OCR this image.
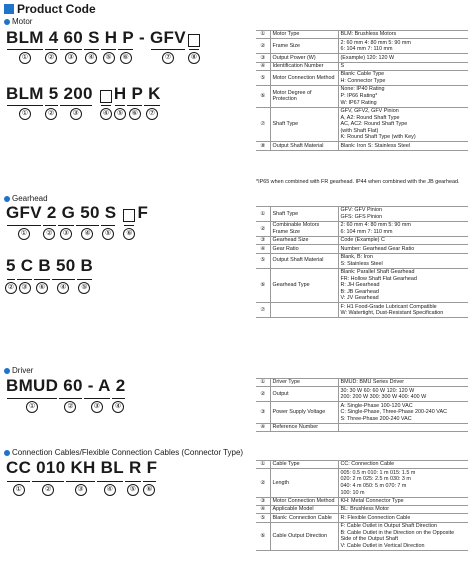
Product Code
Motor
BLM 4 60 S H P - GFV
BLM 5 200
H P K
①	Motor Type	BLM: Brushless Motors
②	Frame Size	2: 60 mm 4: 80 mm 5: 90 mm
6: 104 mm 7: 110 mm
③	Output Power (W)	(Example) 120: 120 W
④	Identification Number	S
⑤	Motor Connection Method	Blank: Cable Type
H: Connector Type
⑥	Motor Degree of Protection	None: IP40 Rating
P: IP66 Rating*
W: IP67 Rating
⑦	Shaft Type	GFV, GFV2, GFV Pinion
A, A2: Round Shaft Type
AC, AC2: Round Shaft Type
(with Shaft Flat)
K: Round Shaft Type (with Key)
⑧	Output Shaft Material	Blank: Iron S: Stainless Steel
*IP65 when combined with FR gearhead. IP44 when combined with the JB gearhead.
Gearhead
GFV 2 G 50 S
F
5 C B 50 B
①	Shaft Type	GFV: GFV Pinion
GFS: GFS Pinion
②	Combinable Motors Frame Size	2: 60 mm 4: 80 mm 5: 90 mm
6: 104 mm 7: 110 mm
③	Gearhead Size	Code (Example) C
④	Gear Ratio	Number: Gearhead Gear Ratio
⑤	Output Shaft Material	Blank, B: Iron
S: Stainless Steel
⑥	Gearhead Type	Blank: Parallel Shaft Gearhead
FR: Hollow Shaft Flat Gearhead
R: JH Gearhead
B: JB Gearhead
V: JV Gearhead
⑦		F: H1 Food-Grade Lubricant Compatible
W: Watertight, Dust-Resistant Specification
Driver
BMUD 60 - A 2	①	Driver Type	BMUD: BMU Series Driver
②	Output	30: 30 W 60: 60 W 120: 120 W
200: 200 W 300: 300 W 400: 400 W
③	Power Supply Voltage	A: Single-Phase 100-120 VAC
C: Single-Phase, Three-Phase 200-240 VAC
S: Three-Phase 200-240 VAC
④	Reference Number	
Connection Cables/Flexible Connection Cables (Connector Type)
CC 010 KH BL R F	①	Cable Type	CC: Connection Cable
②	Length	005: 0.5 m 010: 1 m 015: 1.5 m
020: 2 m 025: 2.5 m 030: 3 m
040: 4 m 050: 5 m 070: 7 m
100: 10 m
③	Motor Connection Method	KH: Metal Connector Type
④	Applicable Model	BL: Brushless Motor
⑤	Blank: Connection Cable	R: Flexible Connection Cable
⑥	Cable Output Direction	F: Cable Outlet in Output Shaft Direction
B: Cable Outlet in the Direction on the Opposite Side of the Output Shaft
V: Cable Outlet in Vertical Direction
①	②	③	④	⑤	⑥	⑦	⑧
①	②	③	④	⑤	⑥	⑦
①	②	③	④	⑤	⑥
②	③	⑥	④	⑤
①	②	③	④
①	②	③	④	⑤	⑥
